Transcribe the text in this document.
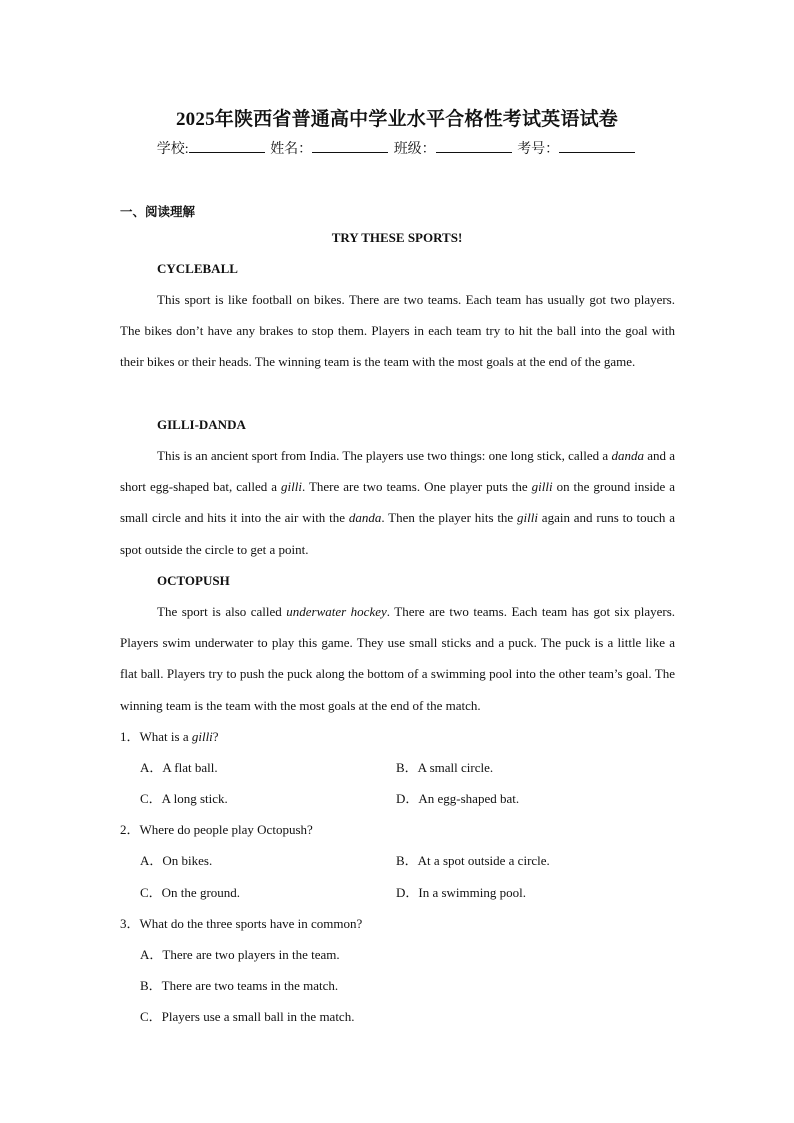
2025年陕西省普通高中学业水平合格性考试英语试卷
学校:	姓名：	班级：	考号：
一、阅读理解
TRY THESE SPORTS!
CYCLEBALL
This sport is like football on bikes. There are two teams. Each team has usually got two players. The bikes don’t have any brakes to stop them. Players in each team try to hit the ball into the goal with their bikes or their heads. The winning team is the team with the most goals at the end of the game.
GILLI-DANDA
This is an ancient sport from India. The players use two things: one long stick, called a danda and a short egg-shaped bat, called a gilli. There are two teams. One player puts the gilli on the ground inside a small circle and hits it into the air with the danda. Then the player hits the gilli again and runs to touch a spot outside the circle to get a point.
OCTOPUSH
The sport is also called underwater hockey. There are two teams. Each team has got six players. Players swim underwater to play this game. They use small sticks and a puck. The puck is a little like a flat ball. Players try to push the puck along the bottom of a swimming pool into the other team’s goal. The winning team is the team with the most goals at the end of the match.
1．What is a gilli?
A．A flat ball.	B．A small circle.
C．A long stick.	D．An egg-shaped bat.
2．Where do people play Octopush?
A．On bikes.	B．At a spot outside a circle.
C．On the ground.	D．In a swimming pool.
3．What do the three sports have in common?
A．There are two players in the team.
B．There are two teams in the match.
C．Players use a small ball in the match.
